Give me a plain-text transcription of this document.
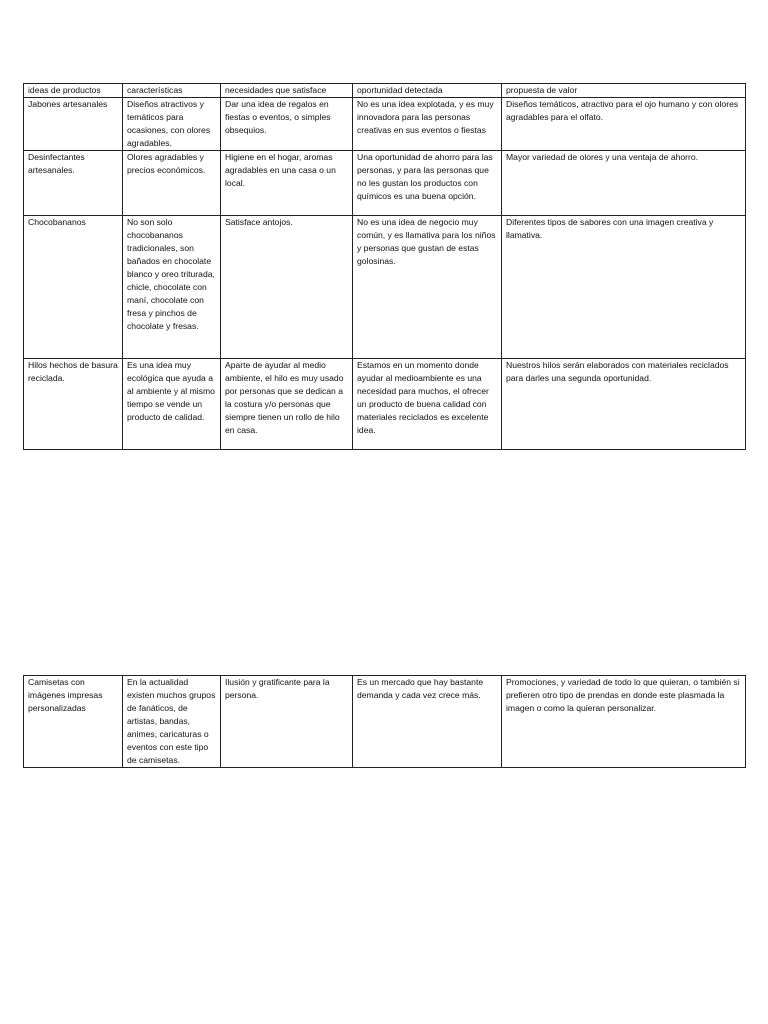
ideas de productos	características	necesidades que satisface	oportunidad detectada	propuesta de valor
Jabones artesanales	Diseños atractivos y temáticos para ocasiones, con olores agradables.	Dar una idea de regalos en fiestas o eventos, o simples obsequios.	No es una idea explotada, y es muy innovadora para las personas creativas en sus eventos o fiestas	Diseños temáticos, atractivo para el ojo humano y con olores agradables para el olfato.
Desinfectantes artesanales.	Olores agradables y precios económicos.	Higiene en el hogar, aromas agradables en una casa o un local.	Una oportunidad de ahorro para las personas, y para las personas que no les gustan los productos con químicos es una buena opción.	Mayor variedad de olores y una ventaja de ahorro.
Chocobananos	No son solo chocobananos tradicionales, son bañados en chocolate blanco y oreo triturada, chicle, chocolate con maní, chocolate con fresa y pinchos de chocolate y fresas.	Satisface antojos.	No es una idea de negocio muy común, y es llamativa para los niños y personas que gustan de estas golosinas.	Diferentes tipos de sabores con una imagen creativa y llamativa.
Hilos hechos de basura reciclada.	Es una idea muy ecológica que ayuda a al ambiente y al mismo tiempo se vende un producto de calidad.	Aparte de ayudar al medio ambiente, el hilo es muy usado por personas que se dedican a la costura y/o personas que siempre tienen un rollo de hilo en casa.	Estamos en un momento donde ayudar al medioambiente es una necesidad para muchos, el ofrecer un producto de buena calidad con materiales reciclados es excelente idea.	Nuestros hilos serán elaborados con materiales reciclados para darles una segunda oportunidad.
Camisetas con imágenes impresas personalizadas	En la actualidad existen muchos grupos de fanáticos, de artistas, bandas, animes, caricaturas o eventos con este tipo de camisetas.	Ilusión y gratificante para la persona.	Es un mercado que hay bastante demanda y cada vez crece más.	Promociones, y variedad de todo lo que quieran, o también si prefieren otro tipo de prendas en donde este plasmada la imagen o como la quieran personalizar.
